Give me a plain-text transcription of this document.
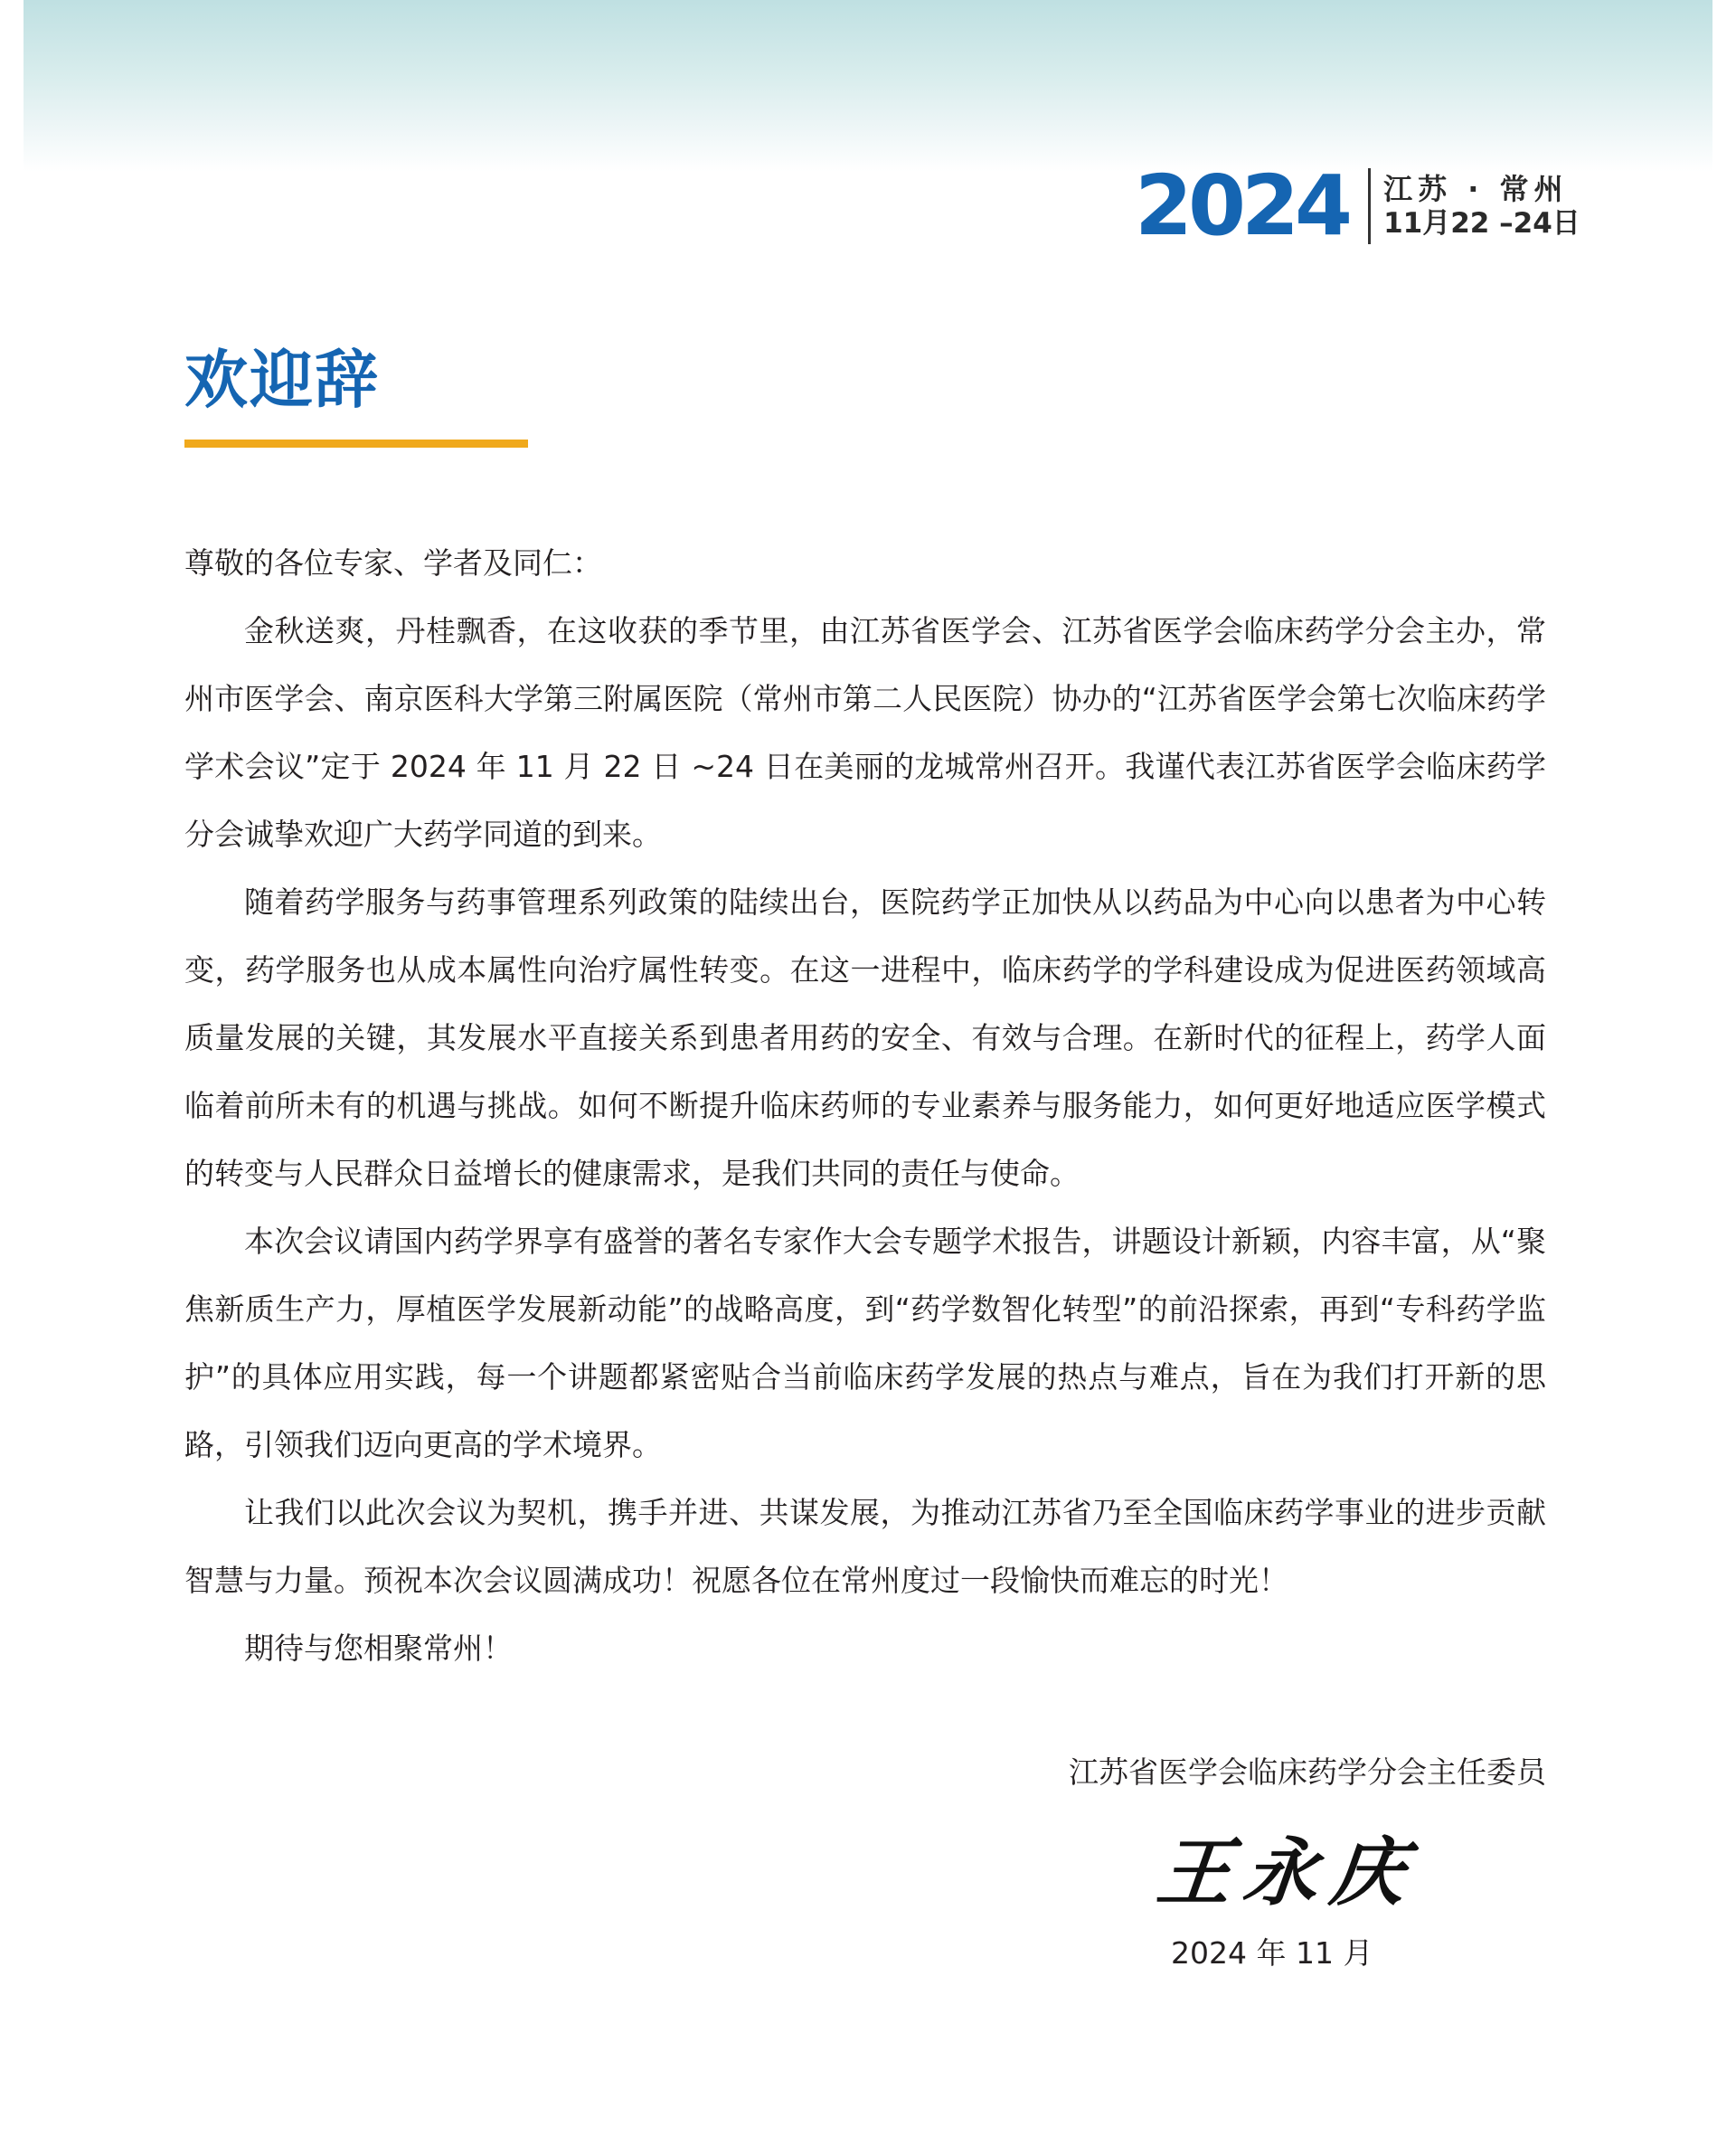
2024 江苏 · 常州
11月22 –24日
欢迎辞

尊敬的各位专家、学者及同仁：

金秋送爽，丹桂飘香，在这收获的季节里，由江苏省医学会、江苏省医学会临床药学分会主办，常州市医学会、南京医科大学第三附属医院（常州市第二人民医院）协办的“江苏省医学会第七次临床药学学术会议”定于 2024 年 11 月 22 日 ~24 日在美丽的龙城常州召开。我谨代表江苏省医学会临床药学分会诚挚欢迎广大药学同道的到来。

随着药学服务与药事管理系列政策的陆续出台，医院药学正加快从以药品为中心向以患者为中心转变，药学服务也从成本属性向治疗属性转变。在这一进程中，临床药学的学科建设成为促进医药领域高质量发展的关键，其发展水平直接关系到患者用药的安全、有效与合理。在新时代的征程上，药学人面临着前所未有的机遇与挑战。如何不断提升临床药师的专业素养与服务能力，如何更好地适应医学模式的转变与人民群众日益增长的健康需求，是我们共同的责任与使命。

本次会议请国内药学界享有盛誉的著名专家作大会专题学术报告，讲题设计新颖，内容丰富，从“聚焦新质生产力，厚植医学发展新动能”的战略高度，到“药学数智化转型”的前沿探索，再到“专科药学监护”的具体应用实践，每一个讲题都紧密贴合当前临床药学发展的热点与难点，旨在为我们打开新的思路，引领我们迈向更高的学术境界。

让我们以此次会议为契机，携手并进、共谋发展，为推动江苏省乃至全国临床药学事业的进步贡献智慧与力量。预祝本次会议圆满成功！祝愿各位在常州度过一段愉快而难忘的时光！

期待与您相聚常州！

江苏省医学会临床药学分会主任委员
王永庆
2024 年 11 月
